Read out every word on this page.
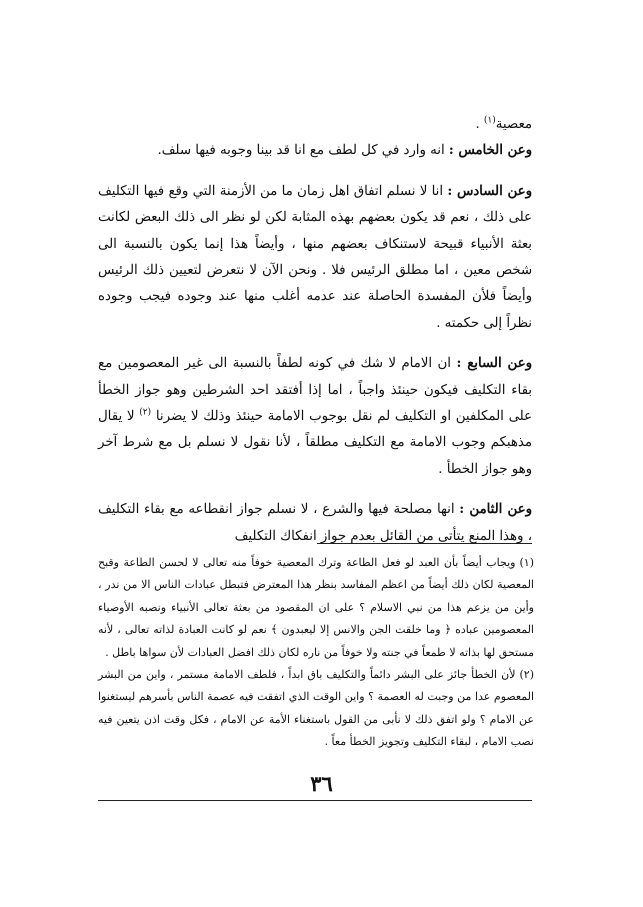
معصية$^{(١)}$ .

وعن الخامس : انه وارد في كل لطف مع انا قد بينا وجوبه فيها سلف.

وعن السادس : انا لا نسلم اتفاق اهل زمان ما من الأزمنة التي وقع فيها التكليف على ذلك ، نعم قد يكون بعضهم بهذه المثابة لكن لو نظر الى ذلك البعض لكانت بعثة الأنبياء قبيحة لاستنكاف بعضهم منها ، وأيضاً هذا إنما يكون بالنسبة الى شخص معين ، اما مطلق الرئيس فلا . ونحن الآن لا نتعرض لتعيين ذلك الرئيس وأيضاً فلأن المفسدة الحاصلة عند عدمه أغلب منها عند وجوده فيجب وجوده نظراً إلى حكمته .

وعن السابع : ان الامام لا شك في كونه لطفاً بالنسبة الى غير المعصومين مع بقاء التكليف فيكون حينئذ واجباً ، اما إذا أفتقد احد الشرطين وهو جواز الخطأ على المكلفين او التكليف لم نقل بوجوب الامامة حينئذ وذلك لا يضرنا $^{(٢)}$ لا يقال مذهبكم وجوب الامامة مع التكليف مطلقاً ، لأنا نقول لا نسلم بل مع شرط آخر وهو جواز الخطأ .

وعن الثامن : انها مصلحة فيها والشرع ، لا نسلم جواز انقطاعه مع بقاء التكليف ، وهذا المنع يتأتى من القائل بعدم جواز انفكاك التكليف

(١)ويجاب أيضاً بأن العبد لو فعل الطاعة وترك المعصية خوفاً منه تعالى لا لحسن الطاعة وقبح المعصية لكان ذلك أيضاً من اعظم المفاسد بنظر هذا المعترض فتبطل عبادات الناس الا من ندر ، وأين من يزعم هذا من نبي الاسلام ؟ على ان المقصود من بعثة تعالى الأنبياء ونصبه الأوصياء المعصومين عباده ﴿ وما خلقت الجن والانس إلا ليعبدون ﴾ نعم لو كانت العبادة لذاته تعالى ، لأنه مستحق لها بذاته لا طمعاً في جنته ولا خوفاً من ناره لكان ذلك افضل العبادات لأن سواها باطل .

(٢)لأن الخطأ جائز على البشر دائماً والتكليف باق ابداً ، فلطف الامامة مستمر ، واين من البشر المعصوم عدا من وجبت له العصمة ؟ واين الوقت الذي اتفقت فيه عصمة الناس بأسرهم ليستغنوا عن الامام ؟ ولو اتفق ذلك لا نأبى من القول باستغناء الأمة عن الامام ، فكل وقت اذن يتعين فيه نصب الامام ، لبقاء التكليف وتجويز الخطأ معاً .

٣٦
